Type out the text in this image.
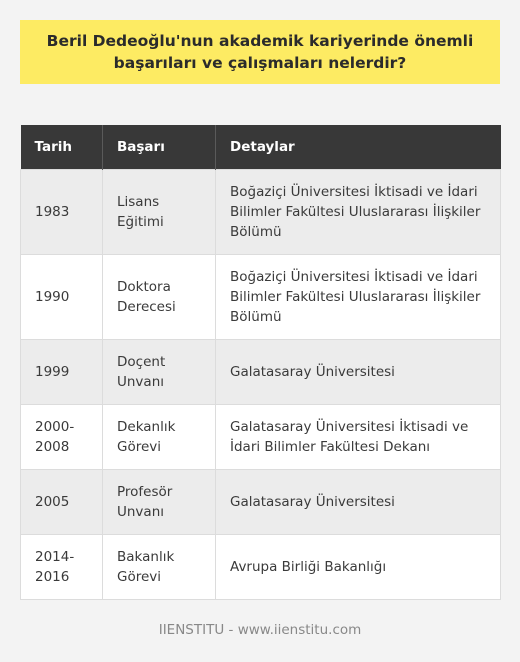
Beril Dedeoğlu'nun akademik kariyerinde önemli başarıları ve çalışmaları nelerdir?
Tarih	Başarı	Detaylar
1983	Lisans Eğitimi	Boğaziçi Üniversitesi İktisadi ve İdari Bilimler Fakültesi Uluslararası İlişkiler Bölümü
1990	Doktora Derecesi	Boğaziçi Üniversitesi İktisadi ve İdari Bilimler Fakültesi Uluslararası İlişkiler Bölümü
1999	Doçent Unvanı	Galatasaray Üniversitesi
2000-2008	Dekanlık Görevi	Galatasaray Üniversitesi İktisadi ve İdari Bilimler Fakültesi Dekanı
2005	Profesör Unvanı	Galatasaray Üniversitesi
2014-2016	Bakanlık Görevi	Avrupa Birliği Bakanlığı
IIENSTITU - www.iienstitu.com
